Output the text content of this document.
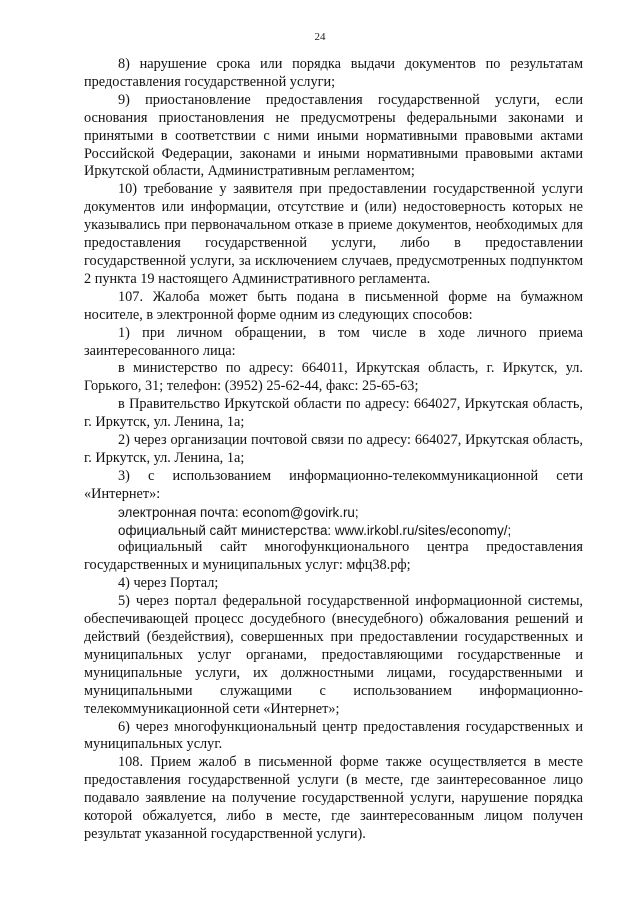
24

8) нарушение срока или порядка выдачи документов по результатам предоставления государственной услуги;

9) приостановление предоставления государственной услуги, если основания приостановления не предусмотрены федеральными законами и принятыми в соответствии с ними иными нормативными правовыми актами Российской Федерации, законами и иными нормативными правовыми актами Иркутской области, Административным регламентом;

10) требование у заявителя при предоставлении государственной услуги документов или информации, отсутствие и (или) недостоверность которых не указывались при первоначальном отказе в приеме документов, необходимых для предоставления государственной услуги, либо в предоставлении государственной услуги, за исключением случаев, предусмотренных подпунктом 2 пункта 19 настоящего Административного регламента.

107. Жалоба может быть подана в письменной форме на бумажном носителе, в электронной форме одним из следующих способов:

1) при личном обращении, в том числе в ходе личного приема заинтересованного лица:

в министерство по адресу: 664011, Иркутская область, г. Иркутск, ул. Горького, 31; телефон: (3952) 25-62-44, факс: 25-65-63;

в Правительство Иркутской области по адресу: 664027, Иркутская область, г. Иркутск, ул. Ленина, 1а;

2) через организации почтовой связи по адресу: 664027, Иркутская область, г. Иркутск, ул. Ленина, 1а;

3) с использованием информационно-телекоммуникационной сети «Интернет»:

электронная почта: econom@govirk.ru;

официальный сайт министерства: www.irkobl.ru/sites/economy/;

официальный сайт многофункционального центра предоставления государственных и муниципальных услуг: мфц38.рф;

4) через Портал;

5) через портал федеральной государственной информационной системы, обеспечивающей процесс досудебного (внесудебного) обжалования решений и действий (бездействия), совершенных при предоставлении государственных и муниципальных услуг органами, предоставляющими государственные и муниципальные услуги, их должностными лицами, государственными и муниципальными служащими с использованием информационно-телекоммуникационной сети «Интернет»;

6) через многофункциональный центр предоставления государственных и муниципальных услуг.

108. Прием жалоб в письменной форме также осуществляется в месте предоставления государственной услуги (в месте, где заинтересованное лицо подавало заявление на получение государственной услуги, нарушение порядка которой обжалуется, либо в месте, где заинтересованным лицом получен результат указанной государственной услуги).
